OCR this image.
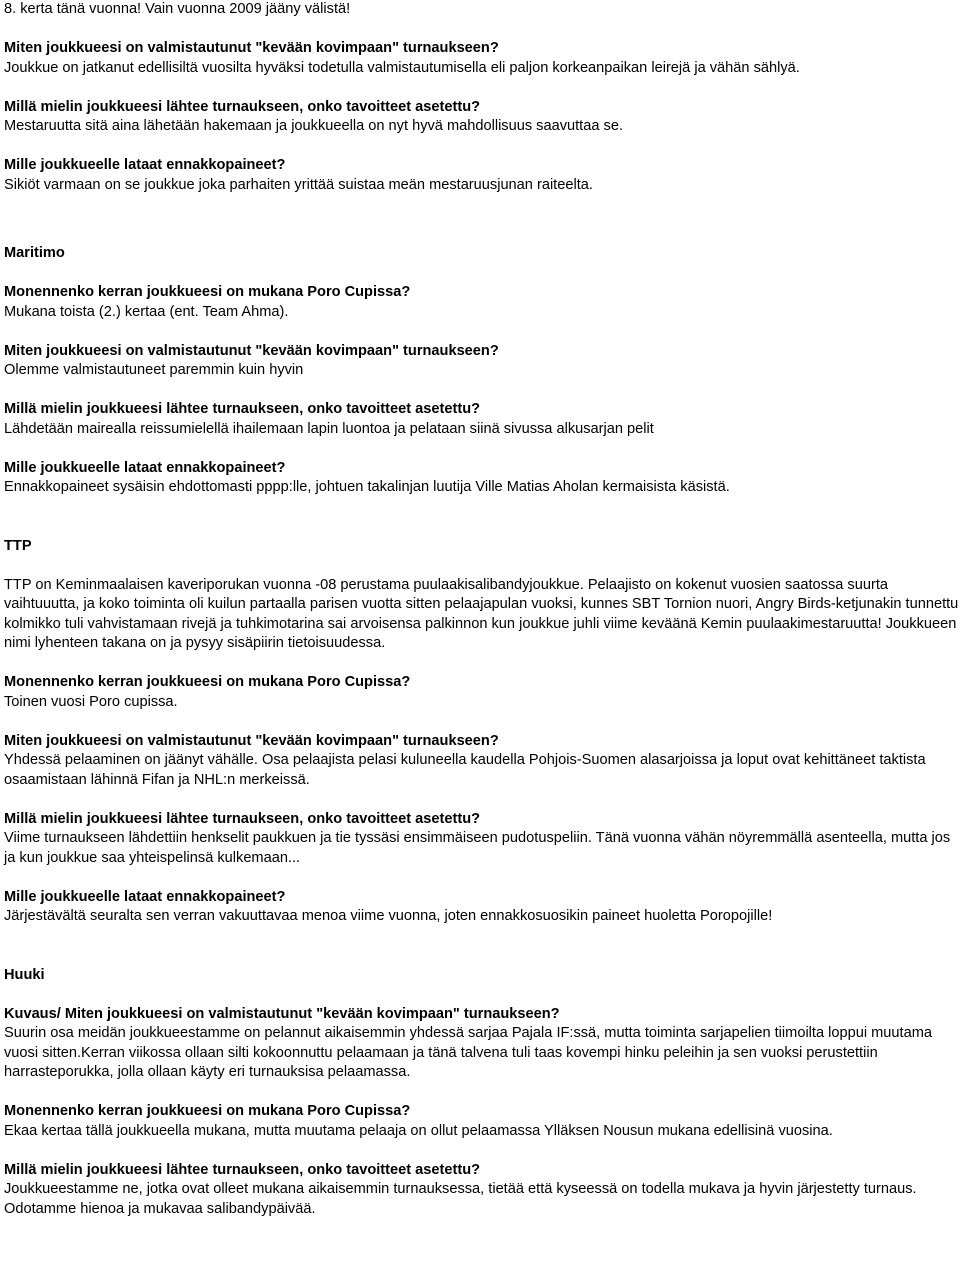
8. kerta tänä vuonna! Vain vuonna 2009 jääny välistä!

Miten joukkueesi on valmistautunut "kevään kovimpaan" turnaukseen?

Joukkue on jatkanut edellisiltä vuosilta hyväksi todetulla valmistautumisella eli paljon korkeanpaikan leirejä ja vähän sählyä.

Millä mielin joukkueesi lähtee turnaukseen, onko tavoitteet asetettu?

Mestaruutta sitä aina lähetään hakemaan ja joukkueella on nyt hyvä mahdollisuus saavuttaa se.

Mille joukkueelle lataat ennakkopaineet?

Sikiöt varmaan on se joukkue joka parhaiten yrittää suistaa meän mestaruusjunan raiteelta.

Maritimo

Monennenko kerran joukkueesi on mukana Poro Cupissa?

Mukana toista (2.) kertaa (ent. Team Ahma).

Miten joukkueesi on valmistautunut "kevään kovimpaan" turnaukseen?

Olemme valmistautuneet paremmin kuin hyvin

Millä mielin joukkueesi lähtee turnaukseen, onko tavoitteet asetettu?

Lähdetään mairealla reissumielellä ihailemaan lapin luontoa ja pelataan siinä sivussa alkusarjan pelit

Mille joukkueelle lataat ennakkopaineet?

Ennakkopaineet sysäisin ehdottomasti pppp:lle, johtuen takalinjan luutija Ville Matias Aholan kermaisista käsistä.

TTP

TTP on Keminmaalaisen kaveriporukan vuonna -08 perustama puulaakisalibandyjoukkue. Pelaajisto on kokenut vuosien saatossa suurta vaihtuuutta, ja koko toiminta oli kuilun partaalla parisen vuotta sitten pelaajapulan vuoksi, kunnes SBT Tornion nuori, Angry Birds-ketjunakin tunnettu kolmikko tuli vahvistamaan rivejä ja tuhkimotarina sai arvoisensa palkinnon kun joukkue juhli viime keväänä Kemin puulaakimestaruutta! Joukkueen nimi lyhenteen takana on ja pysyy sisäpiirin tietoisuudessa.

Monennenko kerran joukkueesi on mukana Poro Cupissa?

Toinen vuosi Poro cupissa.

Miten joukkueesi on valmistautunut "kevään kovimpaan" turnaukseen?

Yhdessä pelaaminen on jäänyt vähälle. Osa pelaajista pelasi kuluneella kaudella Pohjois-Suomen alasarjoissa ja loput ovat kehittäneet taktista osaamistaan lähinnä Fifan ja NHL:n merkeissä.

Millä mielin joukkueesi lähtee turnaukseen, onko tavoitteet asetettu?

Viime turnaukseen lähdettiin henkselit paukkuen ja tie tyssäsi ensimmäiseen pudotuspeliin. Tänä vuonna vähän nöyremmällä asenteella, mutta jos ja kun joukkue saa yhteispelinsä kulkemaan...

Mille joukkueelle lataat ennakkopaineet?

Järjestävältä seuralta sen verran vakuuttavaa menoa viime vuonna, joten ennakkosuosikin paineet huoletta Poropojille!

Huuki

Kuvaus/ Miten joukkueesi on valmistautunut "kevään kovimpaan" turnaukseen?

Suurin osa meidän joukkueestamme on pelannut aikaisemmin yhdessä sarjaa Pajala IF:ssä, mutta toiminta sarjapelien tiimoilta loppui muutama vuosi sitten.Kerran viikossa ollaan silti kokoonnuttu pelaamaan ja tänä talvena tuli taas kovempi hinku peleihin ja sen vuoksi perustettiin harrasteporukka, jolla ollaan käyty eri turnauksisa pelaamassa.

Monennenko kerran joukkueesi on mukana Poro Cupissa?

Ekaa kertaa tällä joukkueella mukana, mutta muutama pelaaja on ollut pelaamassa Ylläksen Nousun mukana edellisinä vuosina.

Millä mielin joukkueesi lähtee turnaukseen, onko tavoitteet asetettu?

Joukkueestamme ne, jotka ovat olleet mukana aikaisemmin turnauksessa, tietää että kyseessä on todella mukava ja hyvin järjestetty turnaus. Odotamme hienoa ja mukavaa salibandypäivää.
